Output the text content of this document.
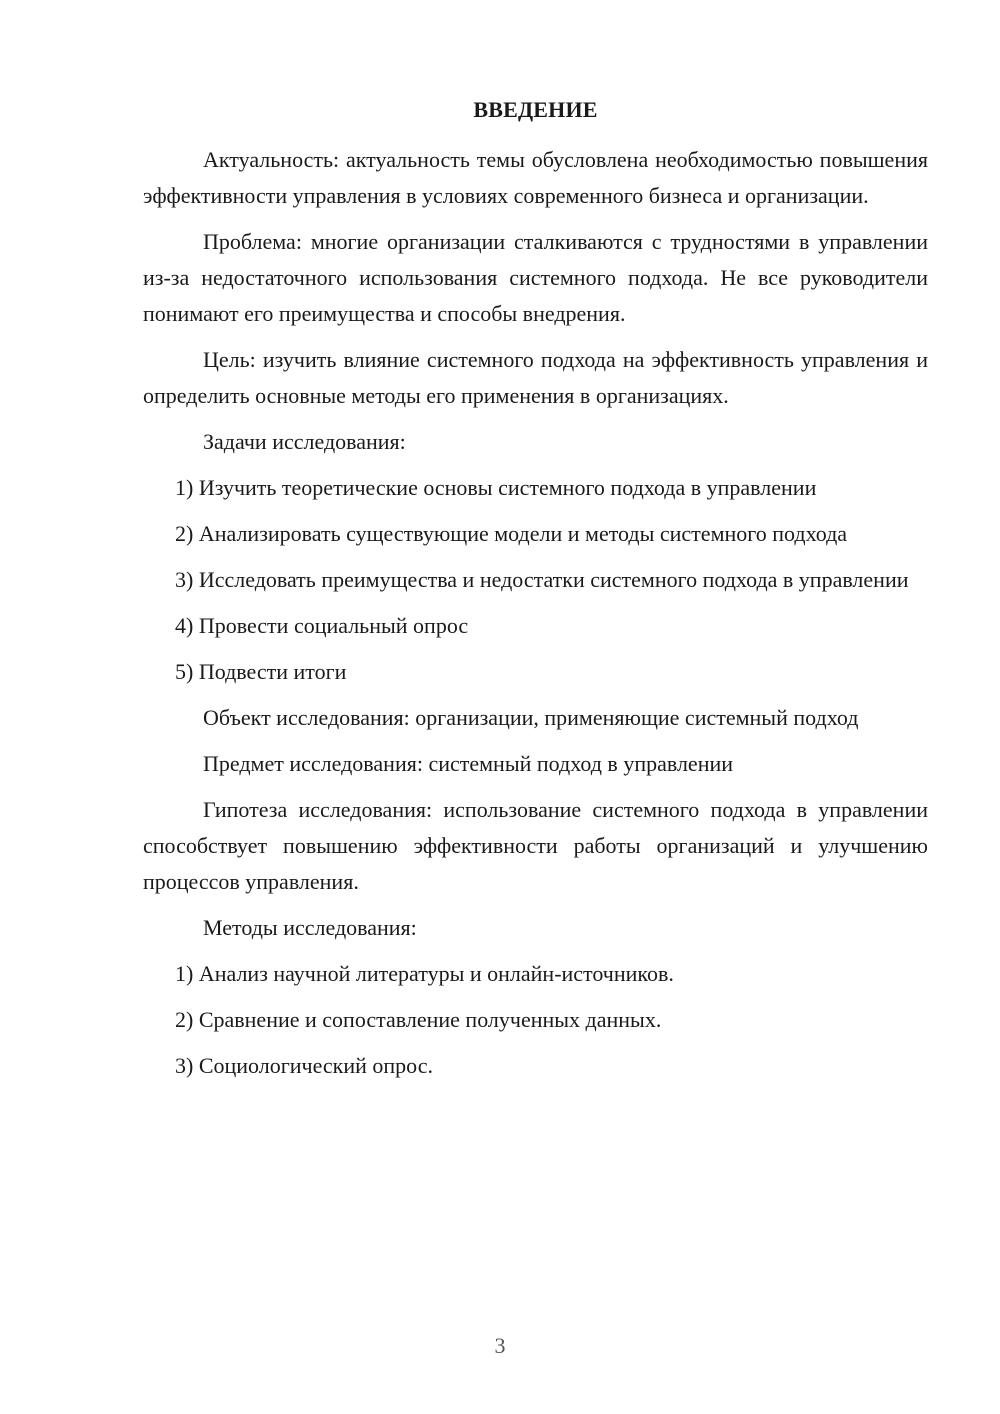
ВВЕДЕНИЕ

Актуальность: актуальность темы обусловлена необходимостью повышения эффективности управления в условиях современного бизнеса и организации.

Проблема: многие организации сталкиваются с трудностями в управлении из-за недостаточного использования системного подхода. Не все руководители понимают его преимущества и способы внедрения.

Цель: изучить влияние системного подхода на эффективность управления и определить основные методы его применения в организациях.

Задачи исследования:

1) Изучить теоретические основы системного подхода в управлении

2) Анализировать существующие модели и методы системного подхода

3) Исследовать преимущества и недостатки системного подхода в управлении

4) Провести социальный опрос

5) Подвести итоги

Объект исследования: организации, применяющие системный подход

Предмет исследования: системный подход в управлении

Гипотеза исследования: использование системного подхода в управлении способствует повышению эффективности работы организаций и улучшению процессов управления.

Методы исследования:

1) Анализ научной литературы и онлайн-источников.

2) Сравнение и сопоставление полученных данных.

3) Социологический опрос.

3
